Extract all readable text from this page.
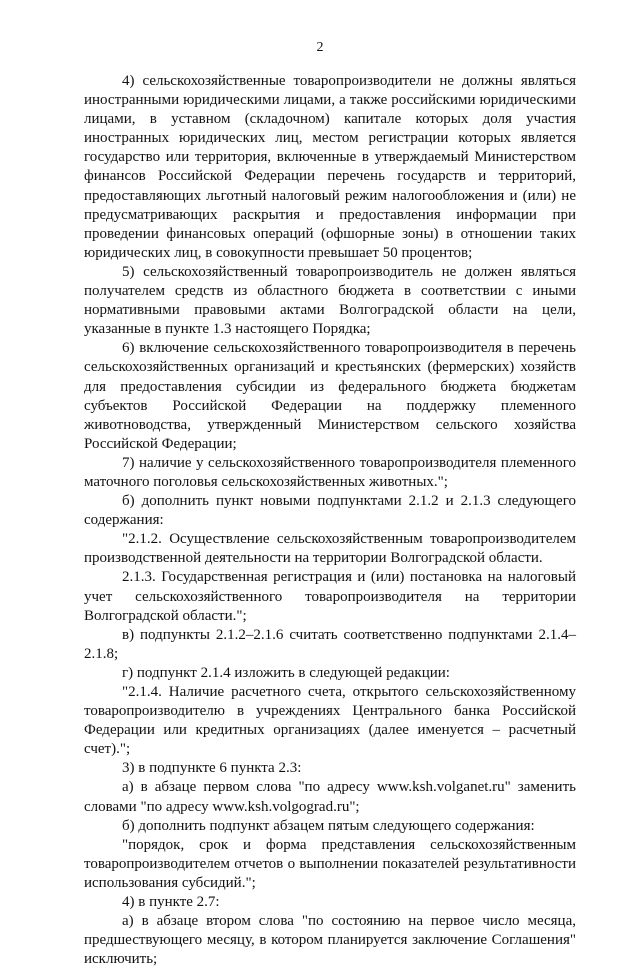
2

4) сельскохозяйственные товаропроизводители не должны являться иностранными юридическими лицами, а также российскими юридическими лицами, в уставном (складочном) капитале которых доля участия иностранных юридических лиц, местом регистрации которых является государство или территория, включенные в утверждаемый Министерством финансов Российской Федерации перечень государств и территорий, предоставляющих льготный налоговый режим налогообложения и (или) не предусматривающих раскрытия и предоставления информации при проведении финансовых операций (офшорные зоны) в отношении таких юридических лиц, в совокупности превышает 50 процентов;

5) сельскохозяйственный товаропроизводитель не должен являться получателем средств из областного бюджета в соответствии с иными нормативными правовыми актами Волгоградской области на цели, указанные в пункте 1.3 настоящего Порядка;

6) включение сельскохозяйственного товаропроизводителя в перечень сельскохозяйственных организаций и крестьянских (фермерских) хозяйств для предоставления субсидии из федерального бюджета бюджетам субъектов Российской Федерации на поддержку племенного животноводства, утвержденный Министерством сельского хозяйства Российской Федерации;

7) наличие у сельскохозяйственного товаропроизводителя племенного маточного поголовья сельскохозяйственных животных.";

б) дополнить пункт новыми подпунктами 2.1.2 и 2.1.3 следующего содержания:

"2.1.2. Осуществление сельскохозяйственным товаропроизводителем производственной деятельности на территории Волгоградской области.

2.1.3. Государственная регистрация и (или) постановка на налоговый учет сельскохозяйственного товаропроизводителя на территории Волгоградской области.";

в) подпункты 2.1.2–2.1.6 считать соответственно подпунктами 2.1.4–2.1.8;

г) подпункт 2.1.4 изложить в следующей редакции:

"2.1.4. Наличие расчетного счета, открытого сельскохозяйственному товаропроизводителю в учреждениях Центрального банка Российской Федерации или кредитных организациях (далее именуется – расчетный счет).";

3) в подпункте 6 пункта 2.3:

а) в абзаце первом слова "по адресу www.ksh.volganet.ru" заменить словами "по адресу www.ksh.volgograd.ru";

б) дополнить подпункт абзацем пятым следующего содержания:

"порядок, срок и форма представления сельскохозяйственным товаропроизводителем отчетов о выполнении показателей результативности использования субсидий.";

4) в пункте 2.7:

а) в абзаце втором слова "по состоянию на первое число месяца, предшествующего месяцу, в котором планируется заключение Соглашения" исключить;
